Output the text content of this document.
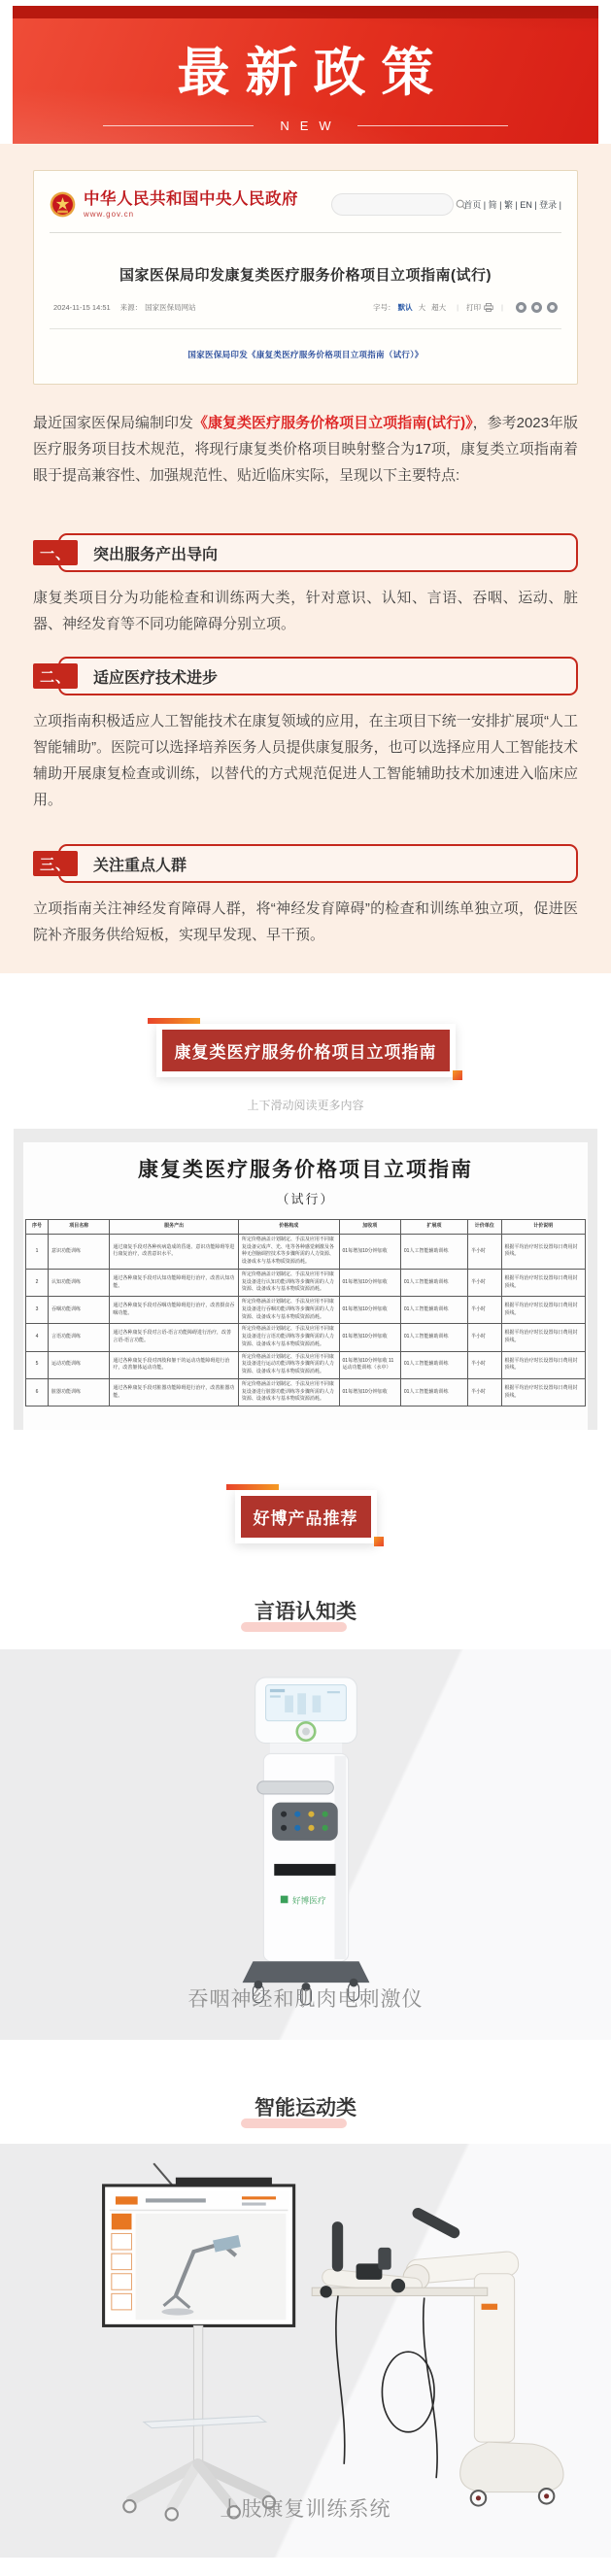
最新政策
NEW
中华人民共和国中央人民政府
www.gov.cn
首页 | 简 | 繁 | EN | 登录 |
国家医保局印发康复类医疗服务价格项目立项指南(试行)
2024-11-15 14:51 来源： 国家医保局网站	字号： 默认 大 超大 | 打印	|
国家医保局印发《康复类医疗服务价格项目立项指南（试行）》

最近国家医保局编制印发《康复类医疗服务价格项目立项指南(试行)》，参考2023年版医疗服务项目技术规范，将现行康复类价格项目映射整合为17项，康复类立项指南着眼于提高兼容性、加强规范性、贴近临床实际，呈现以下主要特点:

一、	突出服务产出导向

康复类项目分为功能检查和训练两大类，针对意识、认知、言语、吞咽、运动、脏器、神经发育等不同功能障碍分别立项。

二、	适应医疗技术进步

立项指南积极适应人工智能技术在康复领域的应用，在主项目下统一安排扩展项“人工智能辅助”。医院可以选择培养医务人员提供康复服务，也可以选择应用人工智能技术辅助开展康复检查或训练，以替代的方式规范促进人工智能辅助技术加速进入临床应用。

三、	关注重点人群

立项指南关注神经发育障碍人群，将“神经发育障碍”的检查和训练单独立项，促进医院补齐服务供给短板，实现早发现、早干预。

康复类医疗服务价格项目立项指南
上下滑动阅读更多内容
康复类医疗服务价格项目立项指南
（试行）
序号	项目名称	服务产出	价格构成	加收项	扩展项	计价单位	计价说明
1	意识功能训练	通过康复手段对各种疾病造成的昏迷、意识功能障碍等进行康复治疗，改善意识水平。	所定价格涵盖计划制定、手法及应用不同康复设备完成声、光、电等各种感觉刺激及各种无创脑调控技术等步骤所需的人力资源、设备成本与基本物质资源消耗。	01每增加10分钟加收	01人工智能辅助训练	半小时	根据平均治疗时长设置每日费用封顶线。
2	认知功能训练	通过各种康复手段对认知功能障碍进行治疗，改善认知功能。	所定价格涵盖计划制定、手法及应用不同康复设备进行认知功能训练等步骤所需的人力资源、设备成本与基本物质资源消耗。	01每增加10分钟加收	01人工智能辅助训练	半小时	根据平均治疗时长设置每日费用封顶线。
3	吞咽功能训练	通过各种康复手段对吞咽功能障碍进行治疗，改善摄食吞咽功能。	所定价格涵盖计划制定、手法及应用不同康复设备进行吞咽功能训练等步骤所需的人力资源、设备成本与基本物质资源消耗。	01每增加10分钟加收	01人工智能辅助训练	半小时	根据平均治疗时长设置每日费用封顶线。
4	言语功能训练	通过各种康复手段对言语-语言功能障碍进行治疗，改善言语-语言功能。	所定价格涵盖计划制定、手法及应用不同康复设备进行言语功能训练等步骤所需的人力资源、设备成本与基本物质资源消耗。	01每增加10分钟加收	01人工智能辅助训练	半小时	根据平均治疗时长设置每日费用封顶线。
5	运动功能训练	通过各种康复手段对四肢和躯干的运动功能障碍进行治疗，改善躯体运动功能。	所定价格涵盖计划制定、手法及应用不同康复设备进行运动功能训练等步骤所需的人力资源、设备成本与基本物质资源消耗。	01每增加10分钟加收 11运动功能训练（水中）	01人工智能辅助训练	半小时	根据平均治疗时长设置每日费用封顶线。
6	脏器功能训练	通过各种康复手段对脏器功能障碍进行治疗，改善脏器功能。	所定价格涵盖计划制定、手法及应用不同康复设备进行脏器功能训练等步骤所需的人力资源、设备成本与基本物质资源消耗。	01每增加10分钟加收	01人工智能辅助训练	半小时	根据平均治疗时长设置每日费用封顶线。
好博产品推荐
言语认知类
好博医疗
吞咽神经和肌肉电刺激仪
智能运动类
上肢康复训练系统
